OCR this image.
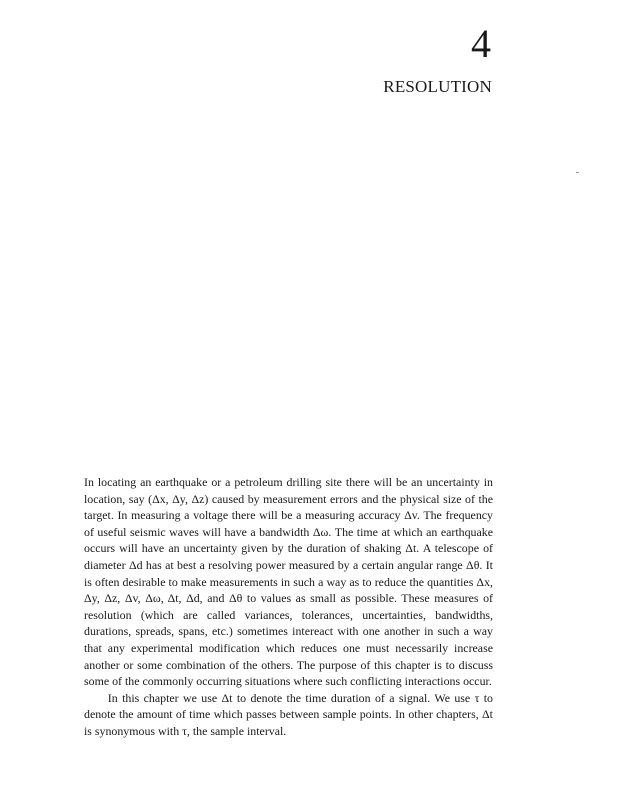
4
RESOLUTION

In locating an earthquake or a petroleum drilling site there will be an uncertainty in location, say (Δx, Δy, Δz) caused by measurement errors and the physical size of the target. In measuring a voltage there will be a measuring accuracy Δv. The frequency of useful seismic waves will have a bandwidth Δω. The time at which an earthquake occurs will have an uncertainty given by the duration of shaking Δt. A telescope of diameter Δd has at best a resolving power measured by a certain angular range Δθ. It is often desirable to make measurements in such a way as to reduce the quantities Δx, Δy, Δz, Δv, Δω, Δt, Δd, and Δθ to values as small as possible. These measures of resolution (which are called variances, tolerances, uncertainties, bandwidths, durations, spreads, spans, etc.) sometimes intereact with one another in such a way that any experimental modification which reduces one must necessarily increase another or some combination of the others. The purpose of this chapter is to discuss some of the commonly occurring situations where such conflicting interactions occur.

In this chapter we use Δt to denote the time duration of a signal. We use τ to denote the amount of time which passes between sample points. In other chapters, Δt is synonymous with τ, the sample interval.
